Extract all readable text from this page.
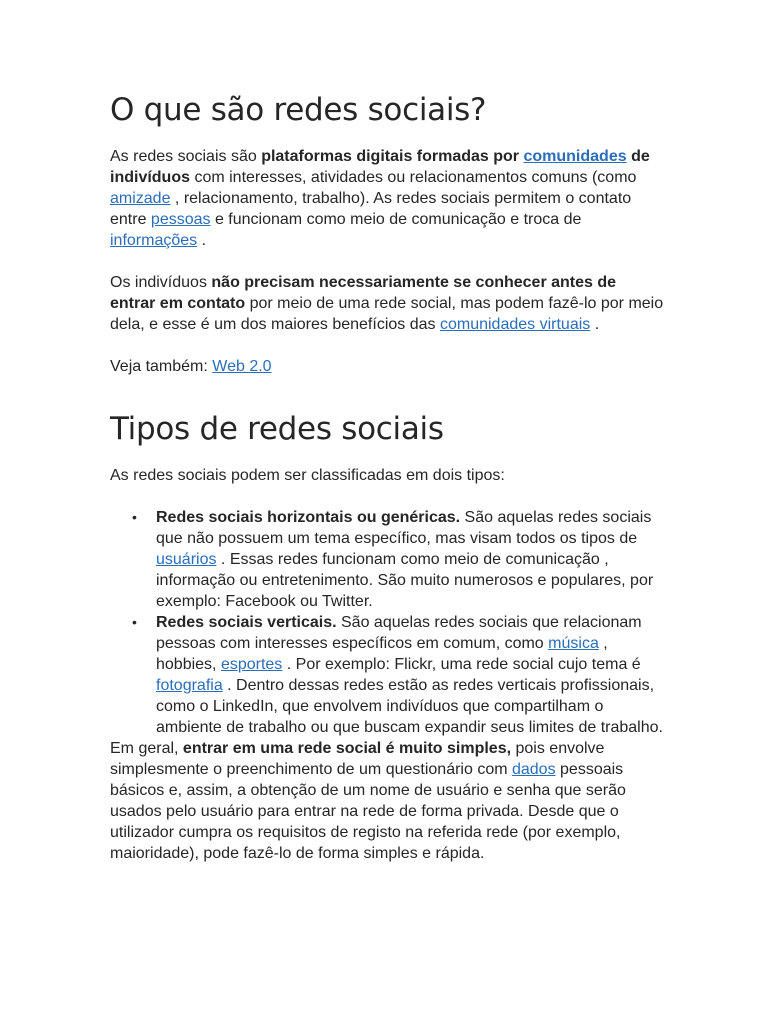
O que são redes sociais?

As redes sociais são plataformas digitais formadas por comunidades de indivíduos com interesses, atividades ou relacionamentos comuns (como amizade , relacionamento, trabalho). As redes sociais permitem o contato entre pessoas e funcionam como meio de comunicação e troca de informações .

Os indivíduos não precisam necessariamente se conhecer antes de entrar em contato por meio de uma rede social, mas podem fazê-lo por meio dela, e esse é um dos maiores benefícios das comunidades virtuais .

Veja também: Web 2.0

Tipos de redes sociais

As redes sociais podem ser classificadas em dois tipos:

• Redes sociais horizontais ou genéricas. São aquelas redes sociais que não possuem um tema específico, mas visam todos os tipos de usuários . Essas redes funcionam como meio de comunicação , informação ou entretenimento. São muito numerosos e populares, por exemplo: Facebook ou Twitter.
• Redes sociais verticais. São aquelas redes sociais que relacionam pessoas com interesses específicos em comum, como música , hobbies, esportes . Por exemplo: Flickr, uma rede social cujo tema é fotografia . Dentro dessas redes estão as redes verticais profissionais, como o LinkedIn, que envolvem indivíduos que compartilham o ambiente de trabalho ou que buscam expandir seus limites de trabalho.

Em geral, entrar em uma rede social é muito simples, pois envolve simplesmente o preenchimento de um questionário com dados pessoais básicos e, assim, a obtenção de um nome de usuário e senha que serão usados pelo usuário para entrar na rede de forma privada. Desde que o utilizador cumpra os requisitos de registo na referida rede (por exemplo, maioridade), pode fazê-lo de forma simples e rápida.
